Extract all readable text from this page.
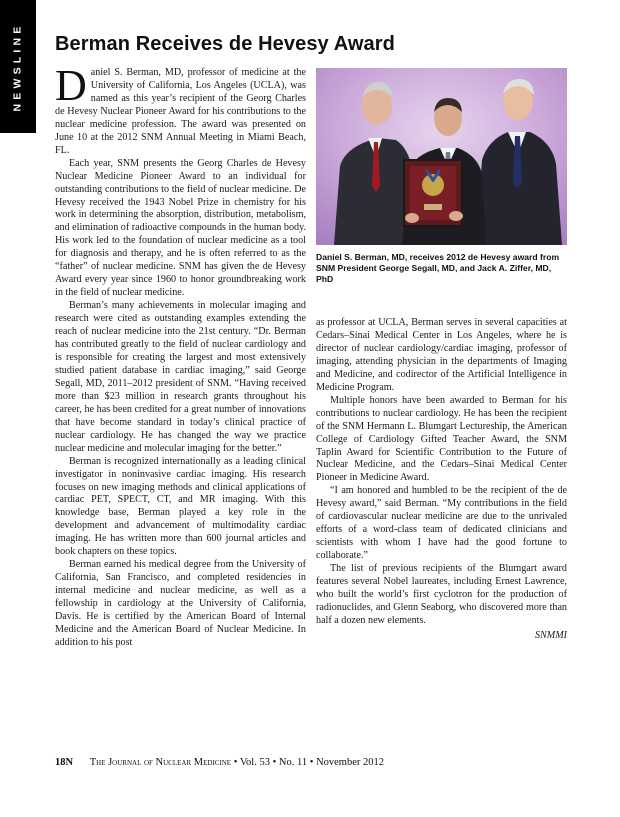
NEWSLINE Berman Receives de Hevesy Award

Daniel S. Berman, MD, professor of medicine at the University of California, Los Angeles (UCLA), was named as this year’s recipient of the Georg Charles de Hevesy Nuclear Pioneer Award for his contributions to the nuclear medicine profession. The award was presented on June 10 at the 2012 SNM Annual Meeting in Miami Beach, FL.

Each year, SNM presents the Georg Charles de Hevesy Nuclear Medicine Pioneer Award to an individual for outstanding contributions to the field of nuclear medicine. De Hevesy received the 1943 Nobel Prize in chemistry for his work in determining the absorption, distribution, metabolism, and elimination of radioactive compounds in the human body. His work led to the foundation of nuclear medicine as a tool for diagnosis and therapy, and he is often referred to as the “father” of nuclear medicine. SNM has given the de Hevesy Award every year since 1960 to honor groundbreaking work in the field of nuclear medicine.

Berman’s many achievements in molecular imaging and research were cited as outstanding examples extending the reach of nuclear medicine into the 21st century. “Dr. Berman has contributed greatly to the field of nuclear cardiology and is responsible for creating the largest and most extensively studied patient database in cardiac imaging,” said George Segall, MD, 2011–2012 president of SNM. “Having received more than $23 million in research grants throughout his career, he has been credited for a great number of innovations that have become standard in today’s clinical practice of nuclear cardiology. He has changed the way we practice nuclear medicine and molecular imaging for the better.”

Berman is recognized internationally as a leading clinical investigator in noninvasive cardiac imaging. His research focuses on new imaging methods and clinical applications of cardiac PET, SPECT, CT, and MR imaging. With this knowledge base, Berman played a key role in the development and advancement of multimodality cardiac imaging. He has written more than 600 journal articles and book chapters on these topics.

Berman earned his medical degree from the University of California, San Francisco, and completed residencies in internal medicine and nuclear medicine, as well as a fellowship in cardiology at the University of California, Davis. He is certified by the American Board of Internal Medicine and the American Board of Nuclear Medicine. In addition to his post

Daniel S. Berman, MD, receives 2012 de Hevesy award from SNM President George Segall, MD, and Jack A. Ziffer, MD, PhD

as professor at UCLA, Berman serves in several capacities at Cedars–Sinai Medical Center in Los Angeles, where he is director of nuclear cardiology/cardiac imaging, professor of imaging, attending physician in the departments of Imaging and Medicine, and codirector of the Artificial Intelligence in Medicine Program.

Multiple honors have been awarded to Berman for his contributions to nuclear cardiology. He has been the recipient of the SNM Hermann L. Blumgart Lectureship, the American College of Cardiology Gifted Teacher Award, the SNM Taplin Award for Scientific Contribution to the Future of Nuclear Medicine, and the Cedars–Sinai Medical Center Pioneer in Medicine Award.

“I am honored and humbled to be the recipient of the de Hevesy award,” said Berman. “My contributions in the field of cardiovascular nuclear medicine are due to the unrivaled efforts of a word-class team of dedicated clinicians and scientists with whom I have had the good fortune to collaborate.”

The list of previous recipients of the Blumgart award features several Nobel laureates, including Ernest Lawrence, who built the world’s first cyclotron for the production of radionuclides, and Glenn Seaborg, who discovered more than half a dozen new elements.

SNMMI
18N The Journal of Nuclear Medicine • Vol. 53 • No. 11 • November 2012
